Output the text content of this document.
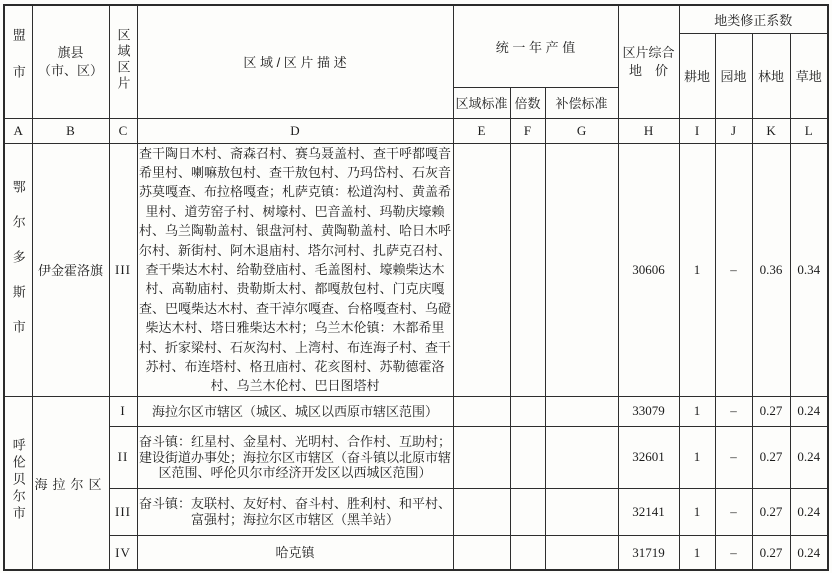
盟市	旗县
（市、区）	区域区片	区 域 / 区 片 描 述	统 一 年 产 值	区片综合
地　价
	地类修正系数
								耕地	园地	林地	草地
				区域标准	倍数	补偿标准					
A	B	C	D	E	F	G	H	I	J	K	L
鄂尔多斯市	伊金霍洛旗	III	查干陶日木村、斋森召村、赛乌聂盖村、查干呼都嘎音希里村、喇嘛敖包村、查干敖包村、乃玛岱村、石灰音苏莫嘎查、布拉格嘎查；札萨克镇：松道沟村、黄盖希里村、道劳窑子村、树壕村、巴音盖村、玛勒庆壕赖村、乌兰陶勒盖村、银盘河村、黄陶勒盖村、哈日木呼尔村、新街村、阿木退庙村、塔尔河村、扎萨克召村、查干柴达木村、给勒登庙村、毛盖图村、壕赖柴达木村、高勒庙村、贵勒斯太村、都嘎敖包村、门克庆嘎查、巴嘎柴达木村、查干淖尔嘎查、台格嘎查村、乌磴柴达木村、塔日雅柴达木村；乌兰木伦镇：木都希里村、折家梁村、石灰沟村、上湾村、布连海子村、查干苏村、布连塔村、格丑庙村、花亥图村、苏勒德霍洛村、乌兰木伦村、巴日图塔村				30606	1	–	0.36	0.34
呼伦贝尔市	海拉尔区	I	海拉尔区市辖区（城区、城区以西原市辖区范围）				33079	1	–	0.27	0.24
		II	奋斗镇：红星村、金星村、光明村、合作村、互助村；建设街道办事处；海拉尔区市辖区（奋斗镇以北原市辖区范围、呼伦贝尔市经济开发区以西城区范围）				32601	1	–	0.27	0.24
		III	奋斗镇：友联村、友好村、奋斗村、胜利村、和平村、富强村；海拉尔区市辖区（黑羊站）				32141	1	–	0.27	0.24
		IV	哈克镇				31719	1	–	0.27	0.24
